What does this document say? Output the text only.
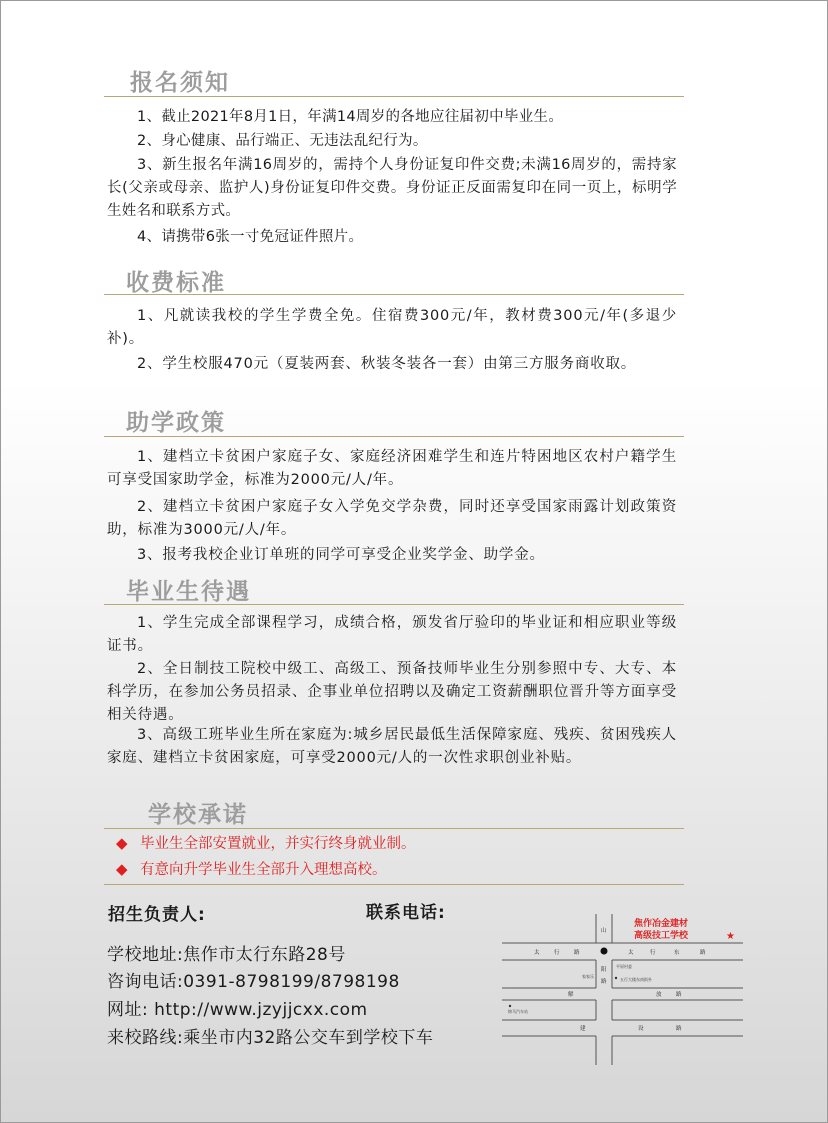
报名须知

1、截止2021年8月1日，年满14周岁的各地应往届初中毕业生。

2、身心健康、品行端正、无违法乱纪行为。

3、新生报名年满16周岁的，需持个人身份证复印件交费;未满16周岁的，需持家长(父亲或母亲、监护人)身份证复印件交费。身份证正反面需复印在同一页上，标明学生姓名和联系方式。

4、请携带6张一寸免冠证件照片。

收费标准

1、凡就读我校的学生学费全免。住宿费300元/年，教材费300元/年(多退少补)。

2、学生校服470元（夏装两套、秋装冬装各一套）由第三方服务商收取。

助学政策

1、建档立卡贫困户家庭子女、家庭经济困难学生和连片特困地区农村户籍学生可享受国家助学金，标准为2000元/人/年。

2、建档立卡贫困户家庭子女入学免交学杂费，同时还享受国家雨露计划政策资助，标准为3000元/人/年。

3、报考我校企业订单班的同学可享受企业奖学金、助学金。

毕业生待遇

1、学生完成全部课程学习，成绩合格，颁发省厅验印的毕业证和相应职业等级证书。

2、全日制技工院校中级工、高级工、预备技师毕业生分别参照中专、大专、本科学历，在参加公务员招录、企事业单位招聘以及确定工资薪酬职位晋升等方面享受相关待遇。

3、高级工班毕业生所在家庭为:城乡居民最低生活保障家庭、残疾、贫困残疾人家庭、建档立卡贫困家庭，可享受2000元/人的一次性求职创业补贴。

学校承诺
◆ 毕业生全部安置就业，并实行终身就业制。
◆ 有意向升学毕业生全部升入理想高校。
招生负责人:	联系电话:
学校地址:焦作市太行东路28号
咨询电话:0391-8798199/8798198
网址: http://www.jzyjjcxx.com
来校路线:乘坐市内32路公交车到学校下车
焦作冶金建材
高级技工学校	★
太	行	路	太	行	东	路
解	放	路
建	设	路
山
阳
路
平原村委
五行大楼东南街外
家家乐
锦马汽车站
